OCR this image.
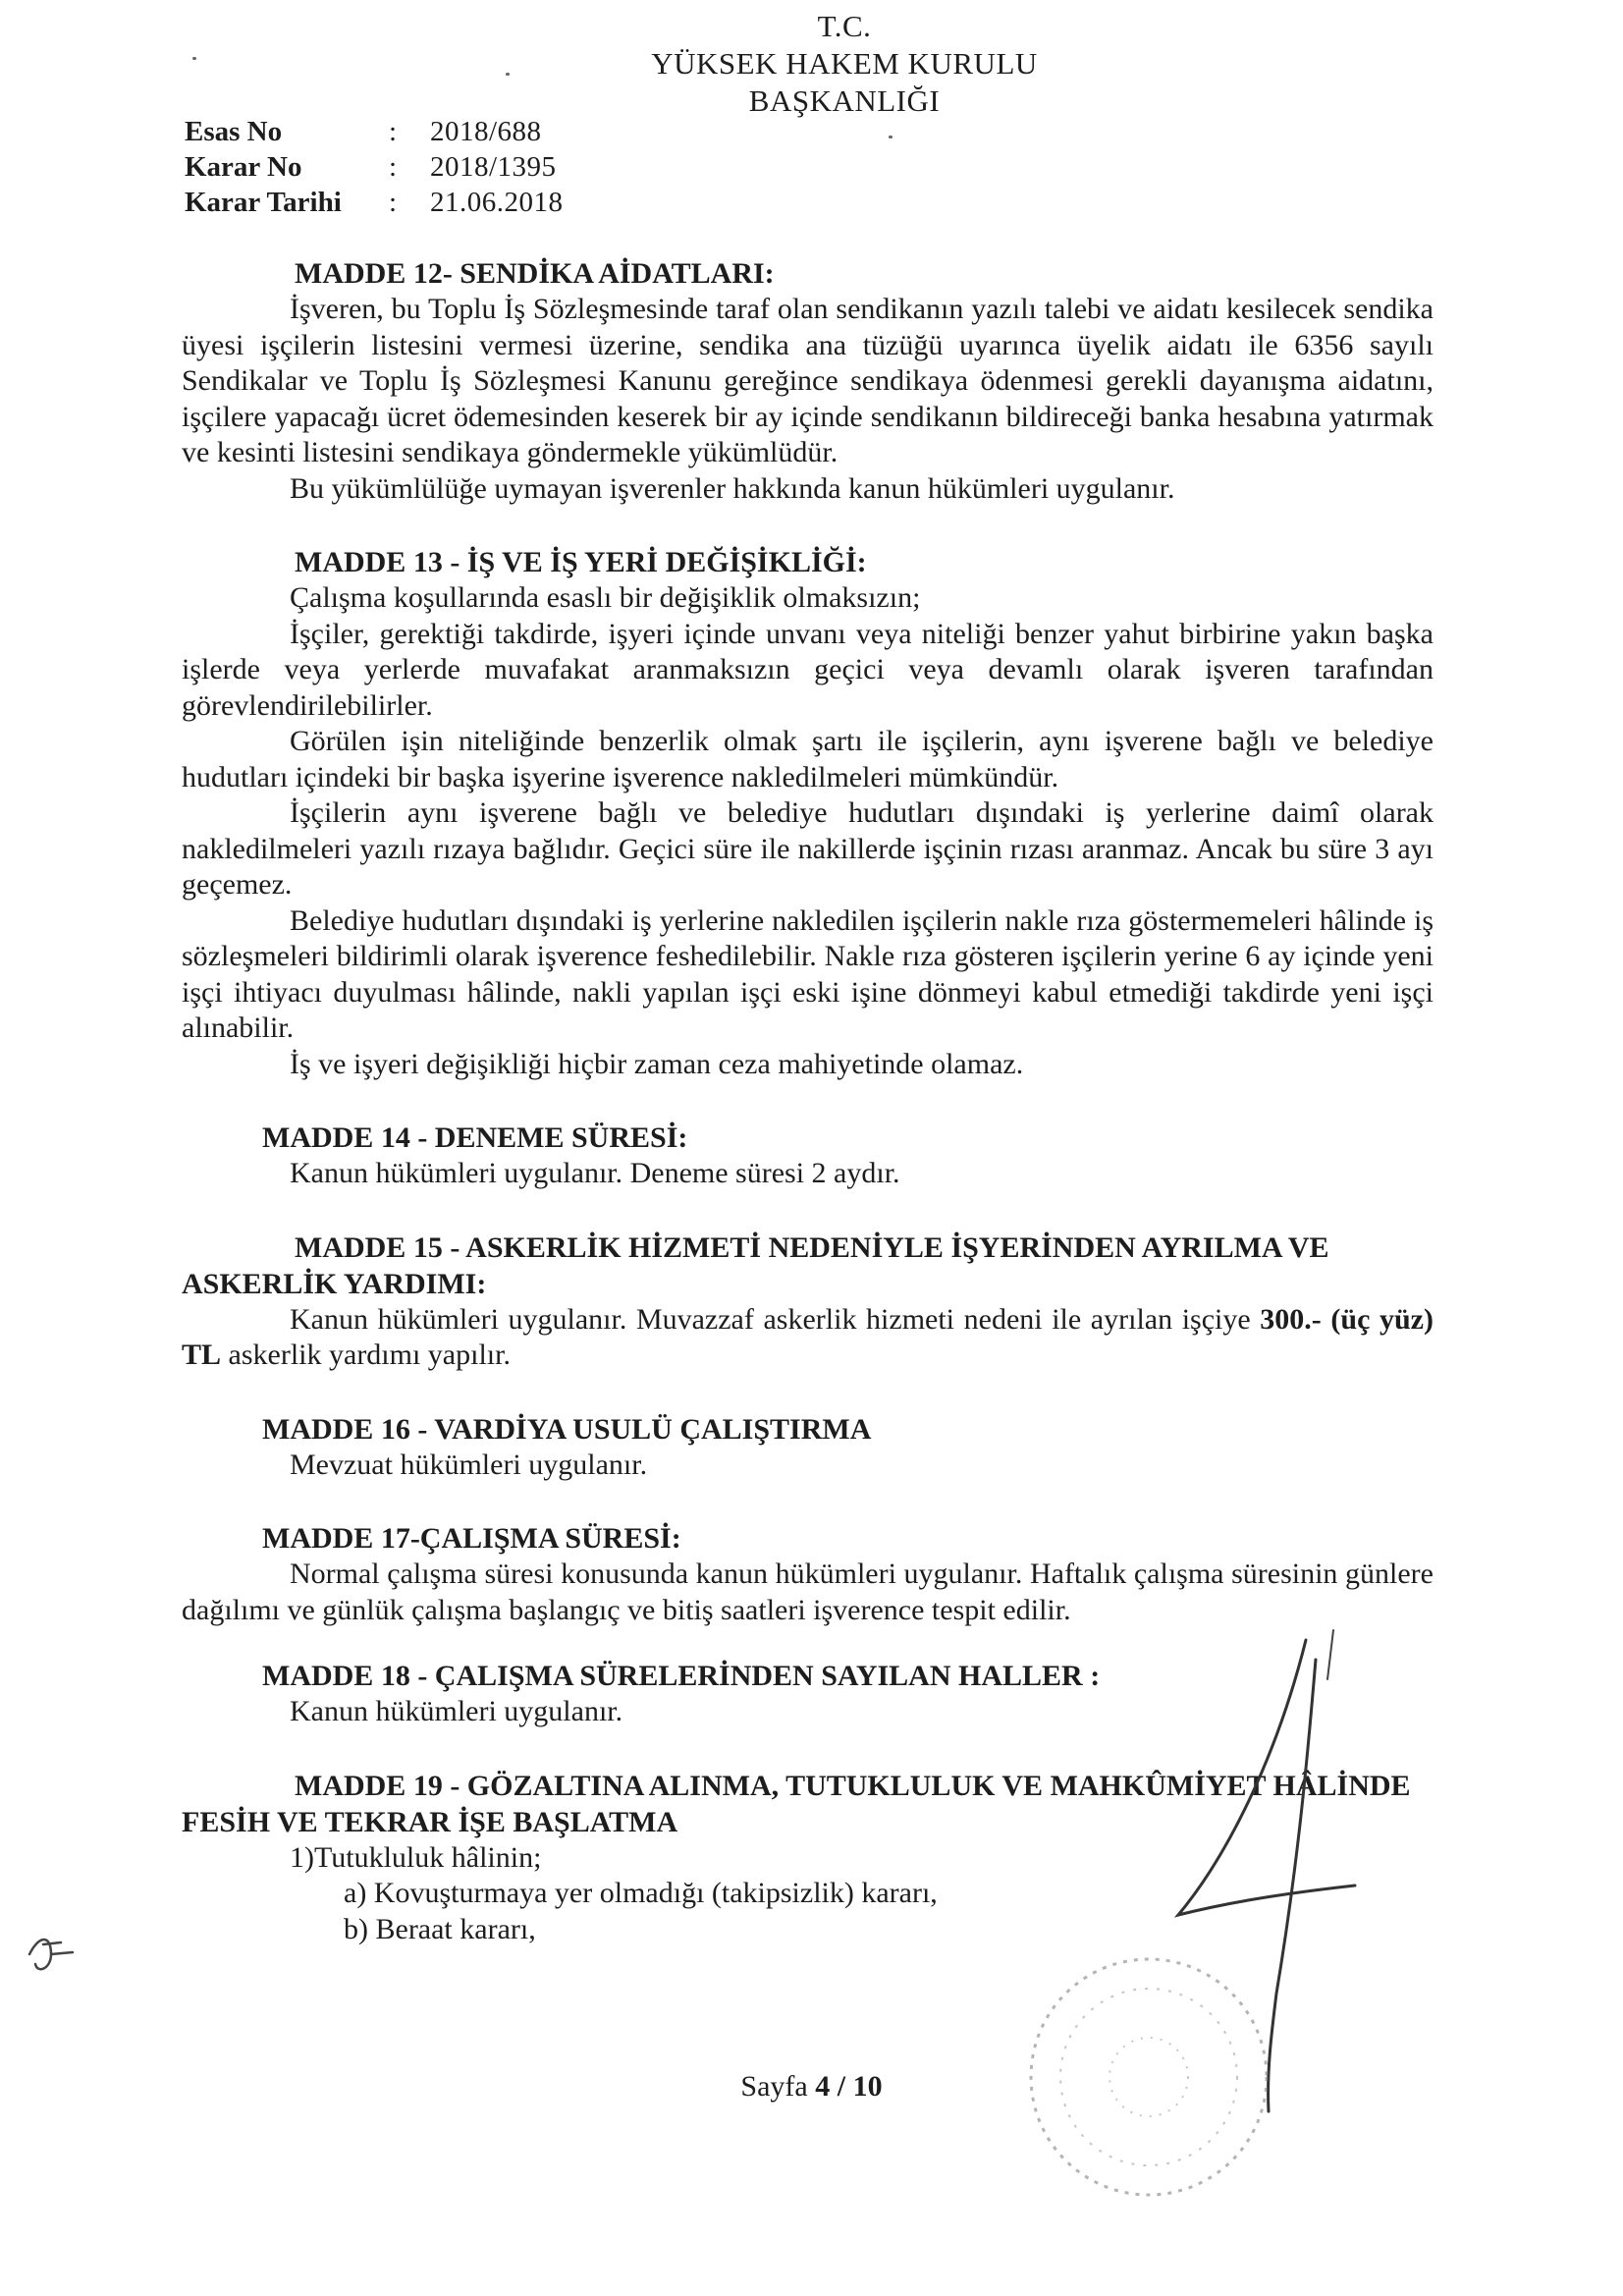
T.C.
YÜKSEK HAKEM KURULU
BAŞKANLIĞI
Esas No	:	2018/688
Karar No	:	2018/1395
Karar Tarihi	:	21.06.2018

MADDE 12- SENDİKA AİDATLARI:

İşveren, bu Toplu İş Sözleşmesinde taraf olan sendikanın yazılı talebi ve aidatı kesilecek sendika üyesi işçilerin listesini vermesi üzerine, sendika ana tüzüğü uyarınca üyelik aidatı ile 6356 sayılı Sendikalar ve Toplu İş Sözleşmesi Kanunu gereğince sendikaya ödenmesi gerekli dayanışma aidatını, işçilere yapacağı ücret ödemesinden keserek bir ay içinde sendikanın bildireceği banka hesabına yatırmak ve kesinti listesini sendikaya göndermekle yükümlüdür.

Bu yükümlülüğe uymayan işverenler hakkında kanun hükümleri uygulanır.

MADDE 13 - İŞ VE İŞ YERİ DEĞİŞİKLİĞİ:

Çalışma koşullarında esaslı bir değişiklik olmaksızın;

İşçiler, gerektiği takdirde, işyeri içinde unvanı veya niteliği benzer yahut birbirine yakın başka işlerde veya yerlerde muvafakat aranmaksızın geçici veya devamlı olarak işveren tarafından görevlendirilebilirler.

Görülen işin niteliğinde benzerlik olmak şartı ile işçilerin, aynı işverene bağlı ve belediye hudutları içindeki bir başka işyerine işverence nakledilmeleri mümkündür.

İşçilerin aynı işverene bağlı ve belediye hudutları dışındaki iş yerlerine daimî olarak nakledilmeleri yazılı rızaya bağlıdır. Geçici süre ile nakillerde işçinin rızası aranmaz. Ancak bu süre 3 ayı geçemez.

Belediye hudutları dışındaki iş yerlerine nakledilen işçilerin nakle rıza göstermemeleri hâlinde iş sözleşmeleri bildirimli olarak işverence feshedilebilir. Nakle rıza gösteren işçilerin yerine 6 ay içinde yeni işçi ihtiyacı duyulması hâlinde, nakli yapılan işçi eski işine dönmeyi kabul etmediği takdirde yeni işçi alınabilir.

İş ve işyeri değişikliği hiçbir zaman ceza mahiyetinde olamaz.

MADDE 14 - DENEME SÜRESİ:

Kanun hükümleri uygulanır. Deneme süresi 2 aydır.

MADDE 15 - ASKERLİK HİZMETİ NEDENİYLE İŞYERİNDEN AYRILMA VE ASKERLİK YARDIMI:

Kanun hükümleri uygulanır. Muvazzaf askerlik hizmeti nedeni ile ayrılan işçiye 300.- (üç yüz) TL askerlik yardımı yapılır.

MADDE 16 - VARDİYA USULÜ ÇALIŞTIRMA

Mevzuat hükümleri uygulanır.

MADDE 17-ÇALIŞMA SÜRESİ:

Normal çalışma süresi konusunda kanun hükümleri uygulanır. Haftalık çalışma süresinin günlere dağılımı ve günlük çalışma başlangıç ve bitiş saatleri işverence tespit edilir.

MADDE 18 - ÇALIŞMA SÜRELERİNDEN SAYILAN HALLER :

Kanun hükümleri uygulanır.

MADDE 19 - GÖZALTINA ALINMA, TUTUKLULUK VE MAHKÛMİYET HÂLİNDE FESİH VE TEKRAR İŞE BAŞLATMA

1)Tutukluluk hâlinin;

a) Kovuşturmaya yer olmadığı (takipsizlik) kararı,

b) Beraat kararı,

Sayfa 4 / 10
